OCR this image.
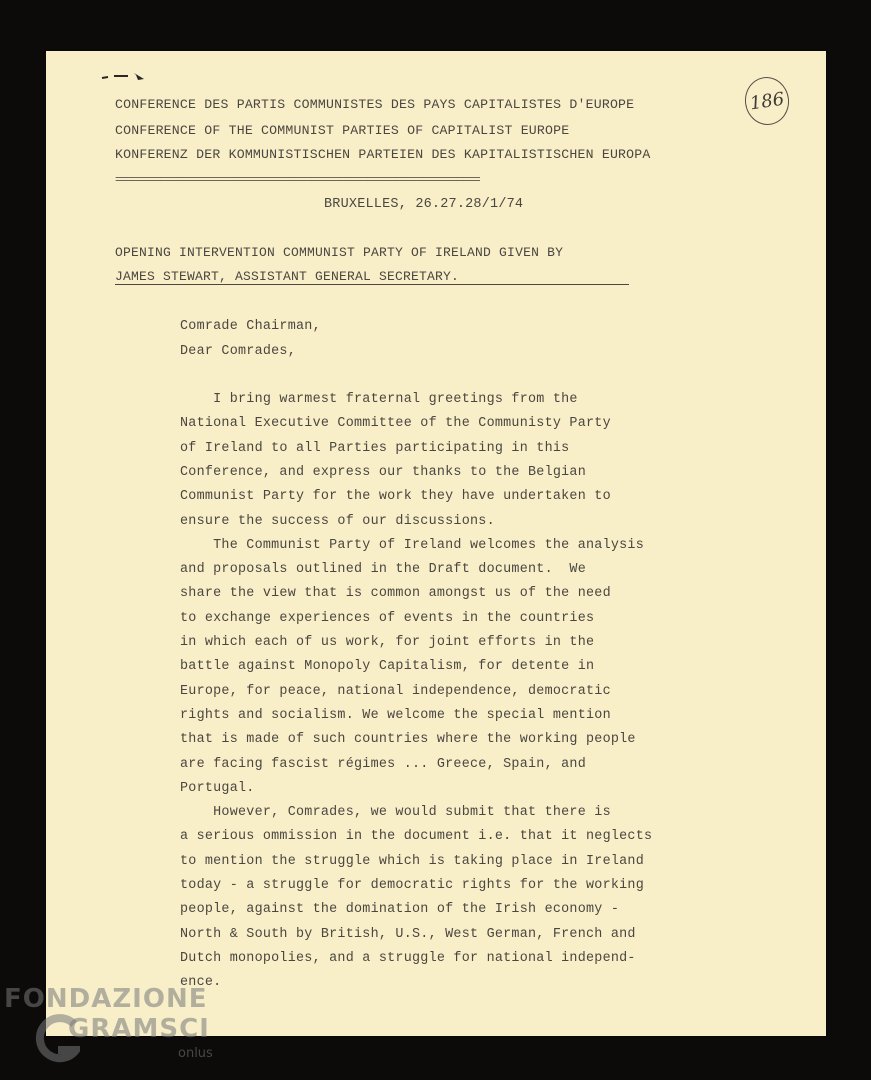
186
CONFERENCE DES PARTIS COMMUNISTES DES PAYS CAPITALISTES D'EUROPE
CONFERENCE OF THE COMMUNIST PARTIES OF CAPITALIST EUROPE
KONFERENZ DER KOMMUNISTISCHEN PARTEIEN DES KAPITALISTISCHEN EUROPA
=================================================================
BRUXELLES, 26.27.28/1/74
OPENING INTERVENTION COMMUNIST PARTY OF IRELAND GIVEN BY
JAMES STEWART, ASSISTANT GENERAL SECRETARY.
Comrade Chairman,
Dear Comrades,
I bring warmest fraternal greetings from the
National Executive Committee of the Communisty Party
of Ireland to all Parties participating in this
Conference, and express our thanks to the Belgian
Communist Party for the work they have undertaken to
ensure the success of our discussions.
The Communist Party of Ireland welcomes the analysis
and proposals outlined in the Draft document.  We
share the view that is common amongst us of the need
to exchange experiences of events in the countries
in which each of us work, for joint efforts in the
battle against Monopoly Capitalism, for detente in
Europe, for peace, national independence, democratic
rights and socialism. We welcome the special mention
that is made of such countries where the working people
are facing fascist régimes ... Greece, Spain, and
Portugal.
However, Comrades, we would submit that there is
a serious ommission in the document i.e. that it neglects
to mention the struggle which is taking place in Ireland
today - a struggle for democratic rights for the working
people, against the domination of the Irish economy -
North & South by British, U.S., West German, French and
Dutch monopolies, and a struggle for national independ-
ence.
FONDAZIONE
GRAMSCI
onlus
